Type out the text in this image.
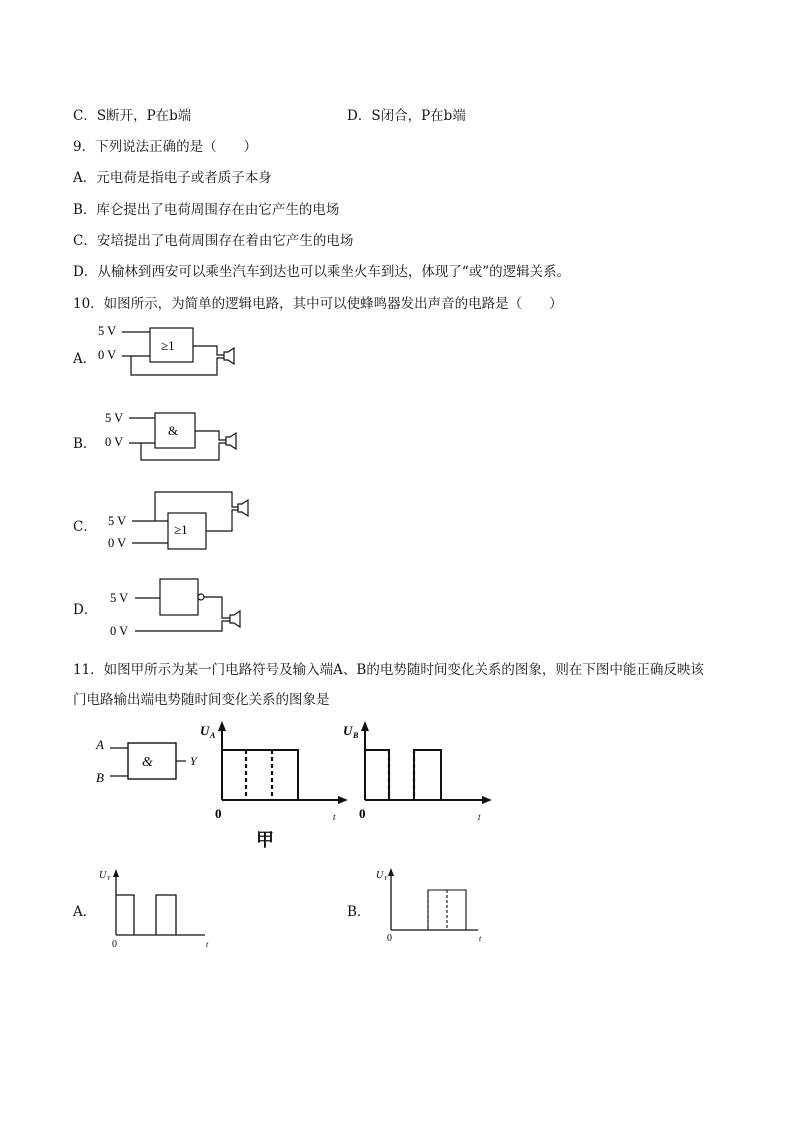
C．S断开，P在b端	D．S闭合，P在b端
9．下列说法正确的是（　　）
A．元电荷是指电子或者质子本身
B．库仑提出了电荷周围存在由它产生的电场
C．安培提出了电荷周围存在着由它产生的电场
D．从榆林到西安可以乘坐汽车到达也可以乘坐火车到达，体现了“或”的逻辑关系。
10．如图所示，为简单的逻辑电路，其中可以使蜂鸣器发出声音的电路是（　　）
A．
5 V
0 V
≥1
B．
5 V
0 V
&
C． 5 V
0 V
≥1
D．
5 V
0 V
11．如图甲所示为某一门电路符号及输入端A、B的电势随时间变化关系的图象，则在下图中能正确反映该
门电路输出端电势随时间变化关系的图象是
A
B
&	Y
U A
0	t
甲
U B
0	t
A．
U Y
0	t
B．
U Y
0	t
